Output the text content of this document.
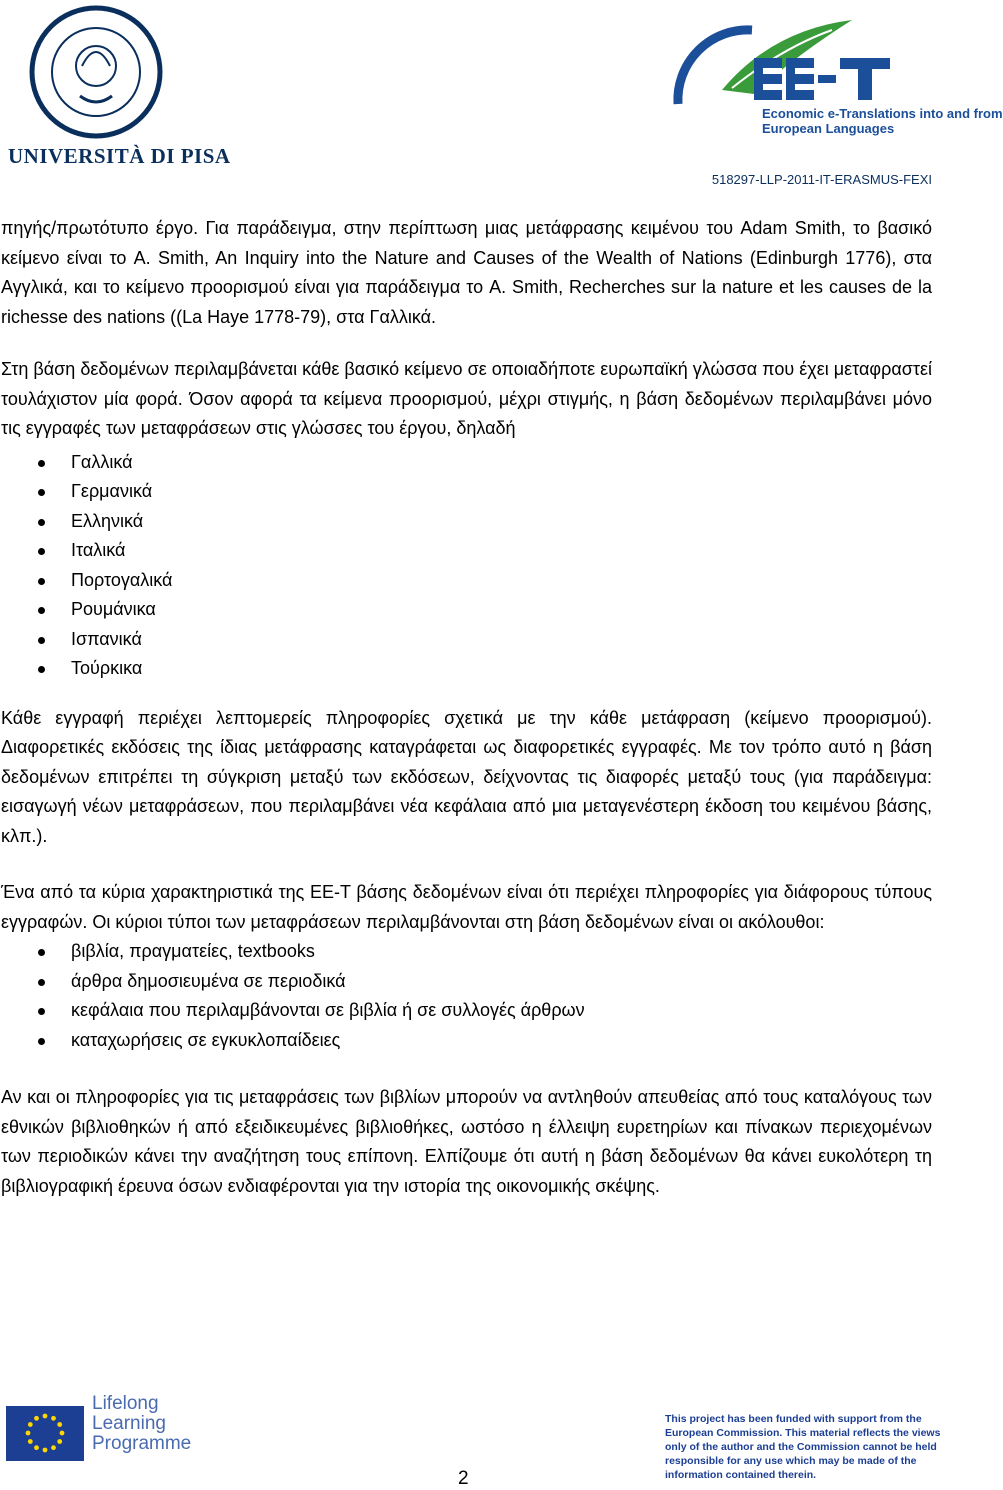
UNIVERSITÀ DI PISA
Economic e-Translations into and from
European Languages
518297-LLP-2011-IT-ERASMUS-FEXI

πηγής/πρωτότυπο έργο. Για παράδειγμα, στην περίπτωση μιας μετάφρασης κειμένου του Adam Smith, το βασικό κείμενο είναι το A. Smith, An Inquiry into the Nature and Causes of the Wealth of Nations (Edinburgh 1776), στα Αγγλικά, και το κείμενο προορισμού είναι για παράδειγμα το A. Smith, Recherches sur la nature et les causes de la richesse des nations ((La Haye 1778-79), στα Γαλλικά.

Στη βάση δεδομένων περιλαμβάνεται κάθε βασικό κείμενο σε οποιαδήποτε ευρωπαϊκή γλώσσα που έχει μεταφραστεί τουλάχιστον μία φορά. Όσον αφορά τα κείμενα προορισμού, μέχρι στιγμής, η βάση δεδομένων περιλαμβάνει μόνο τις εγγραφές των μεταφράσεων στις γλώσσες του έργου, δηλαδή

Γαλλικά
Γερμανικά
Ελληνικά
Ιταλικά
Πορτογαλικά
Ρουμάνικα
Ισπανικά
Τούρκικα

Κάθε εγγραφή περιέχει λεπτομερείς πληροφορίες σχετικά με την κάθε μετάφραση (κείμενο προορισμού). Διαφορετικές εκδόσεις της ίδιας μετάφρασης καταγράφεται ως διαφορετικές εγγραφές. Με τον τρόπο αυτό η βάση δεδομένων επιτρέπει τη σύγκριση μεταξύ των εκδόσεων, δείχνοντας τις διαφορές μεταξύ τους (για παράδειγμα: εισαγωγή νέων μεταφράσεων, που περιλαμβάνει νέα κεφάλαια από μια μεταγενέστερη έκδοση του κειμένου βάσης, κλπ.).

Ένα από τα κύρια χαρακτηριστικά της EE-T βάσης δεδομένων είναι ότι περιέχει πληροφορίες για διάφορους τύπους εγγραφών. Οι κύριοι τύποι των μεταφράσεων περιλαμβάνονται στη βάση δεδομένων είναι οι ακόλουθοι:

βιβλία, πραγματείες, textbooks
άρθρα δημοσιευμένα σε περιοδικά
κεφάλαια που περιλαμβάνονται σε βιβλία ή σε συλλογές άρθρων
καταχωρήσεις σε εγκυκλοπαίδειες

Αν και οι πληροφορίες για τις μεταφράσεις των βιβλίων μπορούν να αντληθούν απευθείας από τους καταλόγους των εθνικών βιβλιοθηκών ή από εξειδικευμένες βιβλιοθήκες, ωστόσο η έλλειψη ευρετηρίων και πίνακων περιεχομένων των περιοδικών κάνει την αναζήτηση τους επίπονη. Ελπίζουμε ότι αυτή η βάση δεδομένων θα κάνει ευκολότερη τη βιβλιογραφική έρευνα όσων ενδιαφέρονται για την ιστορία της οικονομικής σκέψης.

Lifelong
Learning
Programme
2
This project has been funded with support from the European Commission. This material reflects the views only of the author and the Commission cannot be held responsible for any use which may be made of the information contained therein.
